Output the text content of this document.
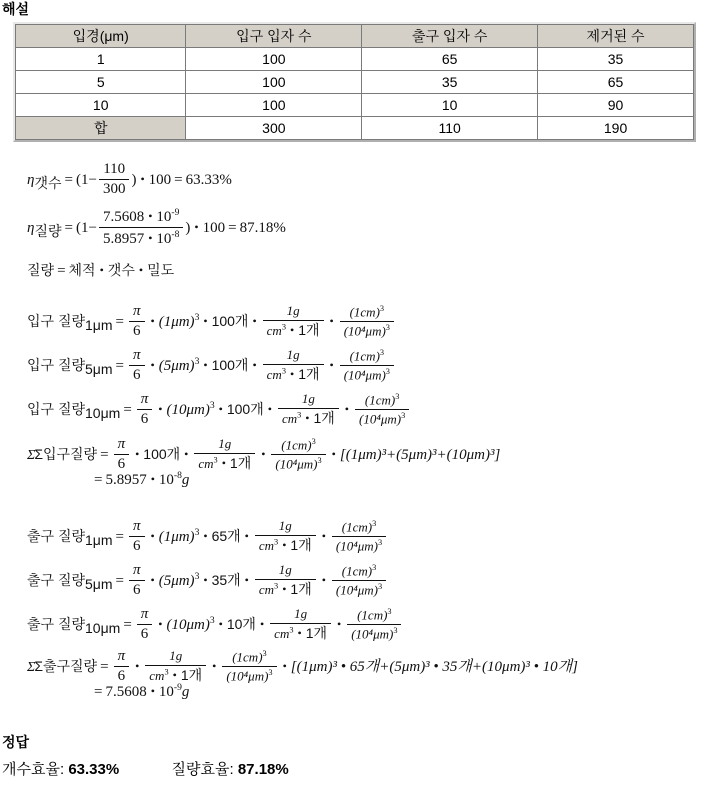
해설
입경(μm)	입구 입자 수	출구 입자 수	제거된 수
1	100	65	35
5	100	35	65
10	100	10	90
합	300	110	190
$\eta_{갯수} = (1- \frac{110}{300}$ ) • 100 = 63.33%
$\eta_{질량} = (1- \frac{7.5608 • 10^{-9}}{5.8957 • 10^{-8}}$ ) • 100 = 87.18%
질량 = 체적 • 갯수 • 밀도
입구 질량$_{1\mu m} = \frac{\pi}{6}$ • $(1\mu m)^3$ • 100개 • $\frac{1g}{cm^3 • 1개}$ • $\frac{(1cm)^3}{(10^4\mu m)^3}$
입구 질량$_{5\mu m} = \frac{\pi}{6}$ • $(5\mu m)^3$ • 100개 • $\frac{1g}{cm^3 • 1개}$ • $\frac{(1cm)^3}{(10^4\mu m)^3}$
입구 질량$_{10\mu m} = \frac{\pi}{6}$ • $(10\mu m)^3$ • 100개 • $\frac{1g}{cm^3 • 1개}$ • $\frac{(1cm)^3}{(10^4\mu m)^3}$
ΣΣ입구질량 = $\frac{\pi}{6}$ • 100개 • $\frac{1g}{cm^3 • 1개}$ • $\frac{(1cm)^3}{(10^4\mu m)^3}$ • [(1μm)³+(5μm)³+(10μm)³]
= 5.8957 • $10^{-8}g$
출구 질량$_{1\mu m} = \frac{\pi}{6}$ • $(1\mu m)^3$ • 65개 • $\frac{1g}{cm^3 • 1개}$ • $\frac{(1cm)^3}{(10^4\mu m)^3}$
출구 질량$_{5\mu m} = \frac{\pi}{6}$ • $(5\mu m)^3$ • 35개 • $\frac{1g}{cm^3 • 1개}$ • $\frac{(1cm)^3}{(10^4\mu m)^3}$
출구 질량$_{10\mu m} = \frac{\pi}{6}$ • $(10\mu m)^3$ • 10개 • $\frac{1g}{cm^3 • 1개}$ • $\frac{(1cm)^3}{(10^4\mu m)^3}$
ΣΣ출구질량 = $\frac{\pi}{6}$ • $\frac{1g}{cm^3 • 1개}$ • $\frac{(1cm)^3}{(10^4\mu m)^3}$ • [(1μm)³ • 65개+(5μm)³ • 35개+(10μm)³ • 10개]
= 7.5608 • $10^{-9}g$
정답
개수효율: 63.33%	질량효율: 87.18%
